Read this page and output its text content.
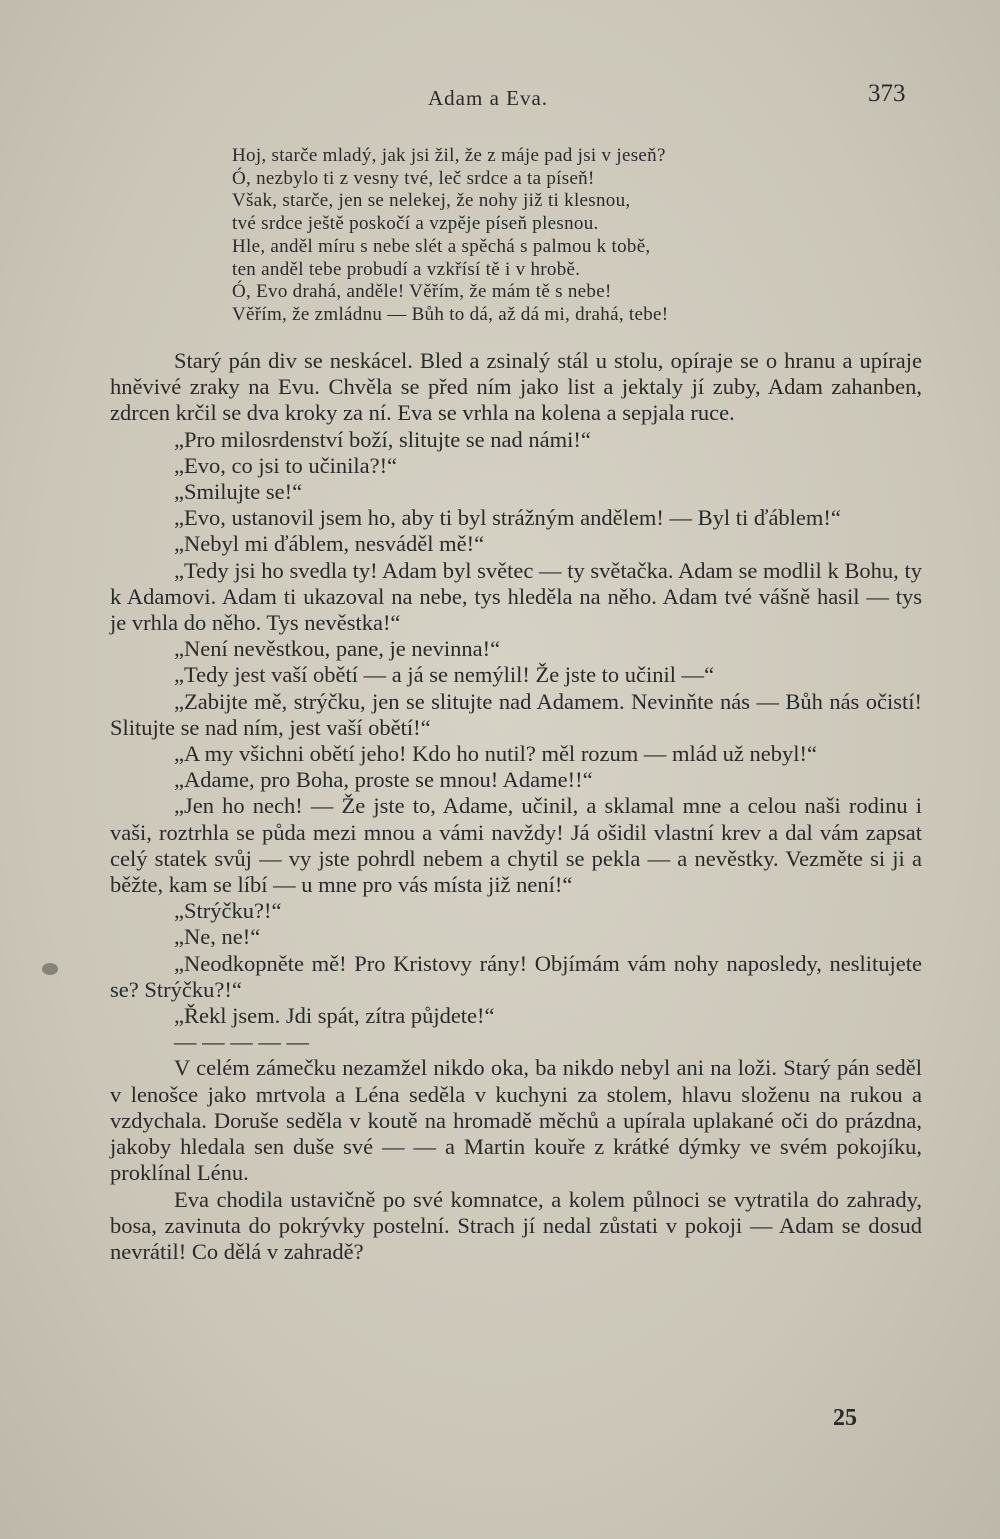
Adam a Eva.	373
Hoj, starče mladý, jak jsi žil, že z máje pad jsi v jeseň?
Ó, nezbylo ti z vesny tvé, leč srdce a ta píseň!
Však, starče, jen se nelekej, že nohy již ti klesnou,
tvé srdce ještě poskočí a vzpěje píseň plesnou.
Hle, anděl míru s nebe slét a spěchá s palmou k tobě,
ten anděl tebe probudí a vzkřísí tě i v hrobě.
Ó, Evo drahá, anděle! Věřím, že mám tě s nebe!
Věřím, že zmládnu — Bůh to dá, až dá mi, drahá, tebe!

Starý pán div se neskácel. Bled a zsinalý stál u stolu, opíraje se o hranu a upíraje hněvivé zraky na Evu. Chvěla se před ním jako list a jektaly jí zuby, Adam zahanben, zdrcen krčil se dva kroky za ní. Eva se vrhla na kolena a sepjala ruce.

„Pro milosrdenství boží, slitujte se nad námi!“

„Evo, co jsi to učinila?!“

„Smilujte se!“

„Evo, ustanovil jsem ho, aby ti byl strážným andělem! — Byl ti ďáblem!“

„Nebyl mi ďáblem, nesváděl mě!“

„Tedy jsi ho svedla ty! Adam byl světec — ty světačka. Adam se modlil k Bohu, ty k Adamovi. Adam ti ukazoval na nebe, tys hleděla na něho. Adam tvé vášně hasil — tys je vrhla do něho. Tys nevěstka!“

„Není nevěstkou, pane, je nevinna!“

„Tedy jest vaší obětí — a já se nemýlil! Že jste to učinil —“

„Zabijte mě, strýčku, jen se slitujte nad Adamem. Nevinňte nás — Bůh nás očistí! Slitujte se nad ním, jest vaší obětí!“

„A my všichni obětí jeho! Kdo ho nutil? měl rozum — mlád už nebyl!“

„Adame, pro Boha, proste se mnou! Adame!!“

„Jen ho nech! — Že jste to, Adame, učinil, a sklamal mne a celou naši rodinu i vaši, roztrhla se půda mezi mnou a vámi navždy! Já ošidil vlastní krev a dal vám zapsat celý statek svůj — vy jste pohrdl nebem a chytil se pekla — a nevěstky. Vezměte si ji a běžte, kam se líbí — u mne pro vás místa již není!“

„Strýčku?!“

„Ne, ne!“

„Neodkopněte mě! Pro Kristovy rány! Objímám vám nohy naposledy, neslitujete se? Strýčku?!“

„Řekl jsem. Jdi spát, zítra půjdete!“

— — — — —

V celém zámečku nezamžel nikdo oka, ba nikdo nebyl ani na loži. Starý pán seděl v lenošce jako mrtvola a Léna seděla v kuchyni za stolem, hlavu složenu na rukou a vzdychala. Doruše seděla v koutě na hromadě měchů a upírala uplakané oči do prázdna, jakoby hledala sen duše své — — a Martin kouře z krátké dýmky ve svém pokojíku, proklínal Lénu.

Eva chodila ustavičně po své komnatce, a kolem půlnoci se vytratila do zahrady, bosa, zavinuta do pokrývky postelní. Strach jí nedal zůstati v pokoji — Adam se dosud nevrátil! Co dělá v zahradě?

25
